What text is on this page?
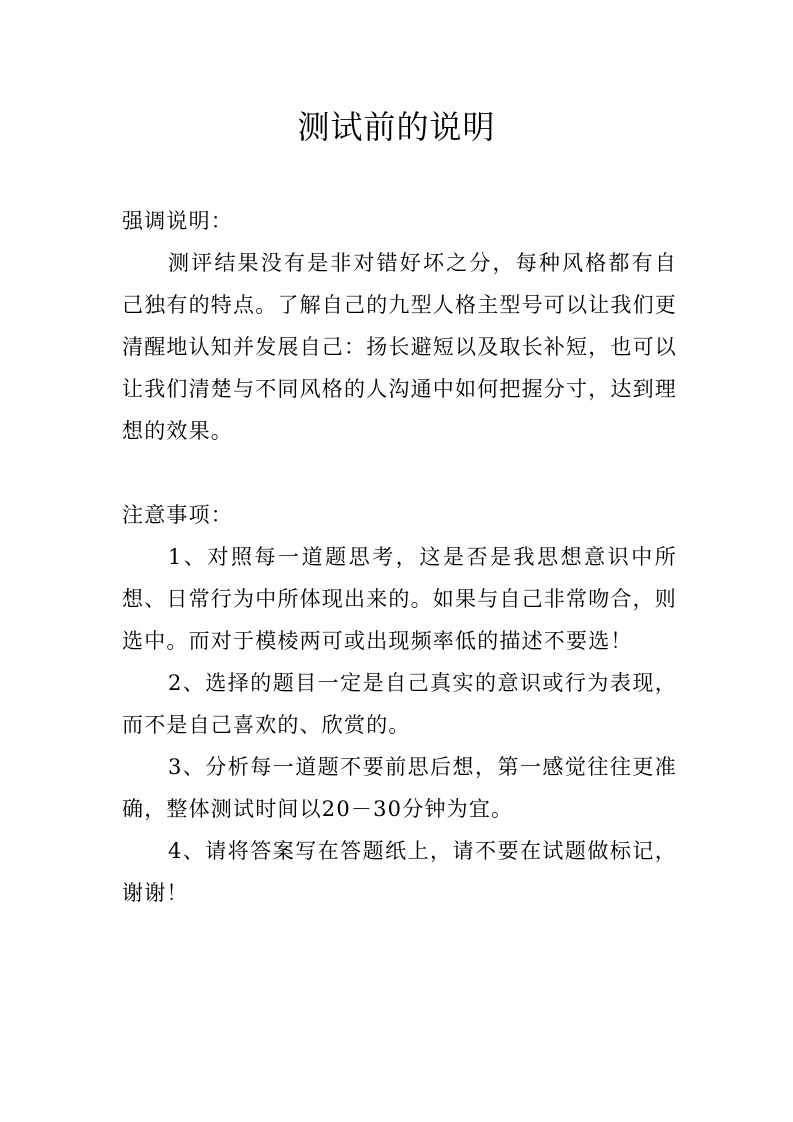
测试前的说明
强调说明：

测评结果没有是非对错好坏之分，每种风格都有自己独有的特点。了解自己的九型人格主型号可以让我们更清醒地认知并发展自己：扬长避短以及取长补短，也可以让我们清楚与不同风格的人沟通中如何把握分寸，达到理想的效果。

注意事项：

1、对照每一道题思考，这是否是我思想意识中所想、日常行为中所体现出来的。如果与自己非常吻合，则选中。而对于模棱两可或出现频率低的描述不要选！

2、选择的题目一定是自己真实的意识或行为表现，而不是自己喜欢的、欣赏的。

3、分析每一道题不要前思后想，第一感觉往往更准确，整体测试时间以20－30分钟为宜。

4、请将答案写在答题纸上，请不要在试题做标记，谢谢！
